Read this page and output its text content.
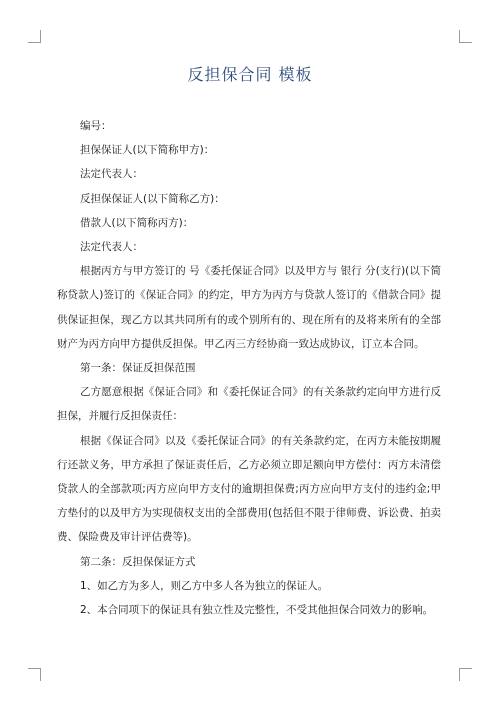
反担保合同 模板
编号：
担保保证人(以下简称甲方)：
法定代表人：
反担保保证人(以下简称乙方)：
借款人(以下简称丙方)：
法定代表人：
根据丙方与甲方签订的 号《委托保证合同》以及甲方与 银行 分(支行)(以下简称贷款人)签订的《保证合同》的约定，甲方为丙方与贷款人签订的《借款合同》提供保证担保，现乙方以其共同所有的或个别所有的、现在所有的及将来所有的全部财产为丙方向甲方提供反担保。甲乙丙三方经协商一致达成协议，订立本合同。
第一条：保证反担保范围
乙方愿意根据《保证合同》和《委托保证合同》的有关条款约定向甲方进行反担保，并履行反担保责任：
根据《保证合同》以及《委托保证合同》的有关条款约定，在丙方未能按期履行还款义务，甲方承担了保证责任后，乙方必须立即足额向甲方偿付：丙方未清偿贷款人的全部款项;丙方应向甲方支付的逾期担保费;丙方应向甲方支付的违约金;甲方垫付的以及甲方为实现债权支出的全部费用(包括但不限于律师费、诉讼费、拍卖费、保险费及审计评估费等)。
第二条：反担保保证方式
1、如乙方为多人，则乙方中多人各为独立的保证人。
2、本合同项下的保证具有独立性及完整性，不受其他担保合同效力的影响。
